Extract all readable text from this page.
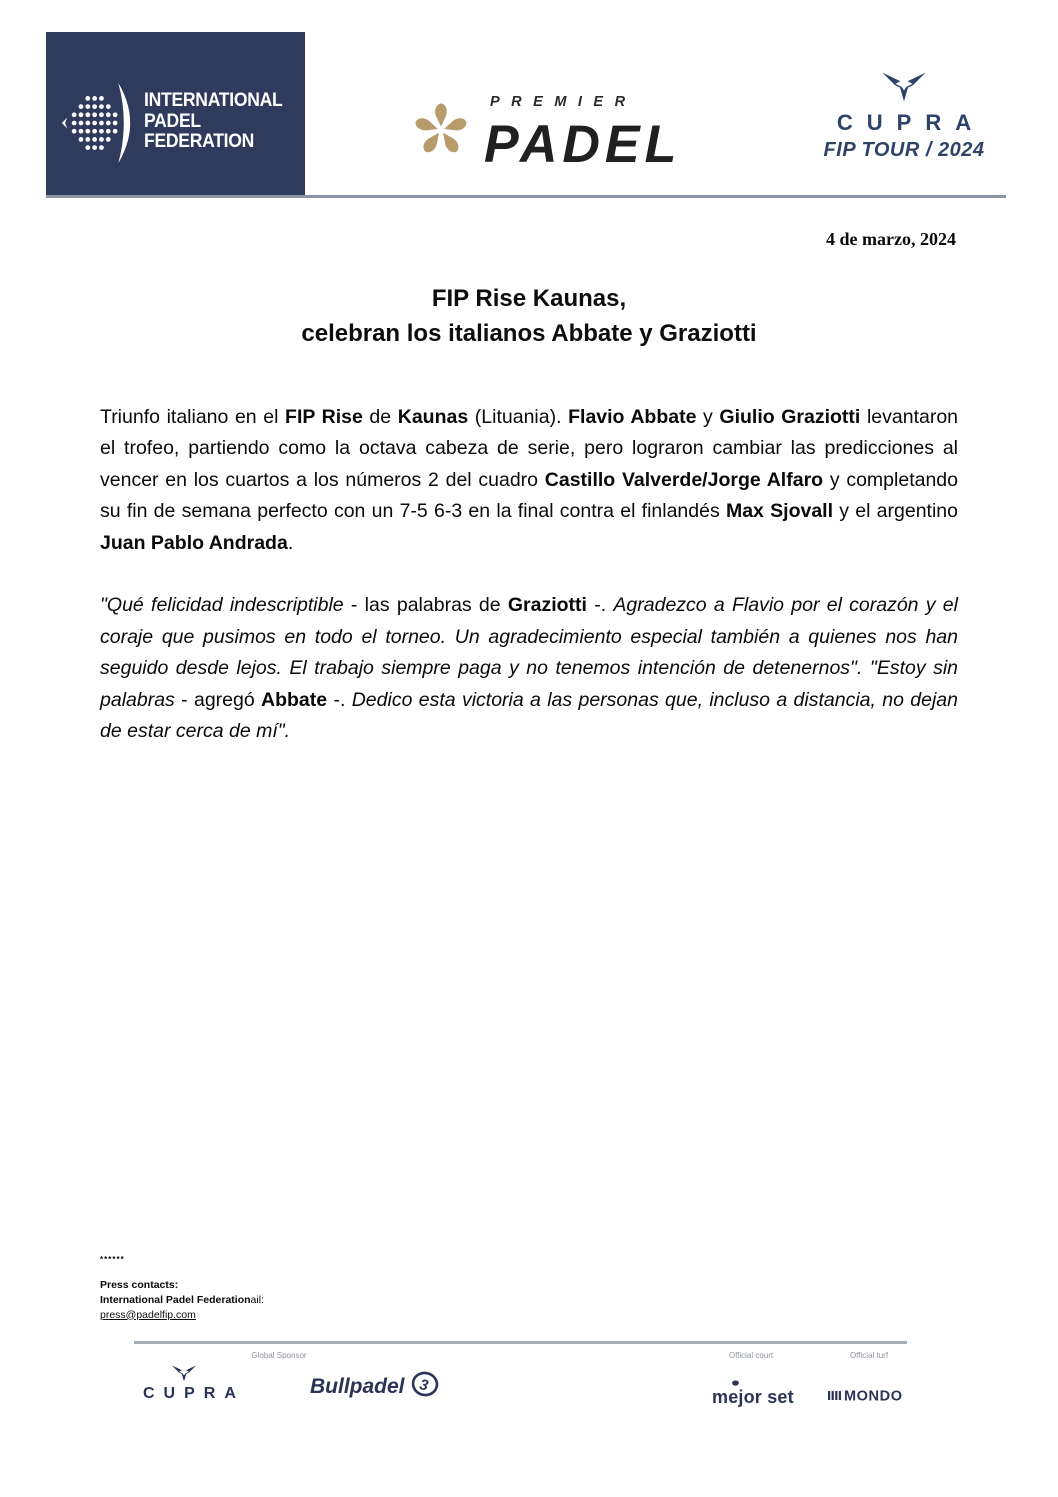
INTERNATIONAL
PADEL
FEDERATION
PREMIER
PADEL	CUPRA
FIP TOUR / 2024
4 de marzo, 2024
FIP Rise Kaunas,
celebran los italianos Abbate y Graziotti

Triunfo italiano en el FIP Rise de Kaunas (Lituania). Flavio Abbate y Giulio Graziotti levantaron el trofeo, partiendo como la octava cabeza de serie, pero lograron cambiar las predicciones al vencer en los cuartos a los números 2 del cuadro Castillo Valverde/Jorge Alfaro y completando su fin de semana perfecto con un 7-5 6-3 en la final contra el finlandés Max Sjovall y el argentino Juan Pablo Andrada.

"Qué felicidad indescriptible - las palabras de Graziotti -. Agradezco a Flavio por el corazón y el coraje que pusimos en todo el torneo. Un agradecimiento especial también a quienes nos han seguido desde lejos. El trabajo siempre paga y no tenemos intención de detenernos". "Estoy sin palabras - agregó Abbate -. Dedico esta victoria a las personas que, incluso a distancia, no dejan de estar cerca de mí".

******
Press contacts:
International Padel Federationail:
press@padelfip.com
Global Sponsor	Official court	Official turf
CUPRA	Bullpadel 3
mejor set	MONDO
